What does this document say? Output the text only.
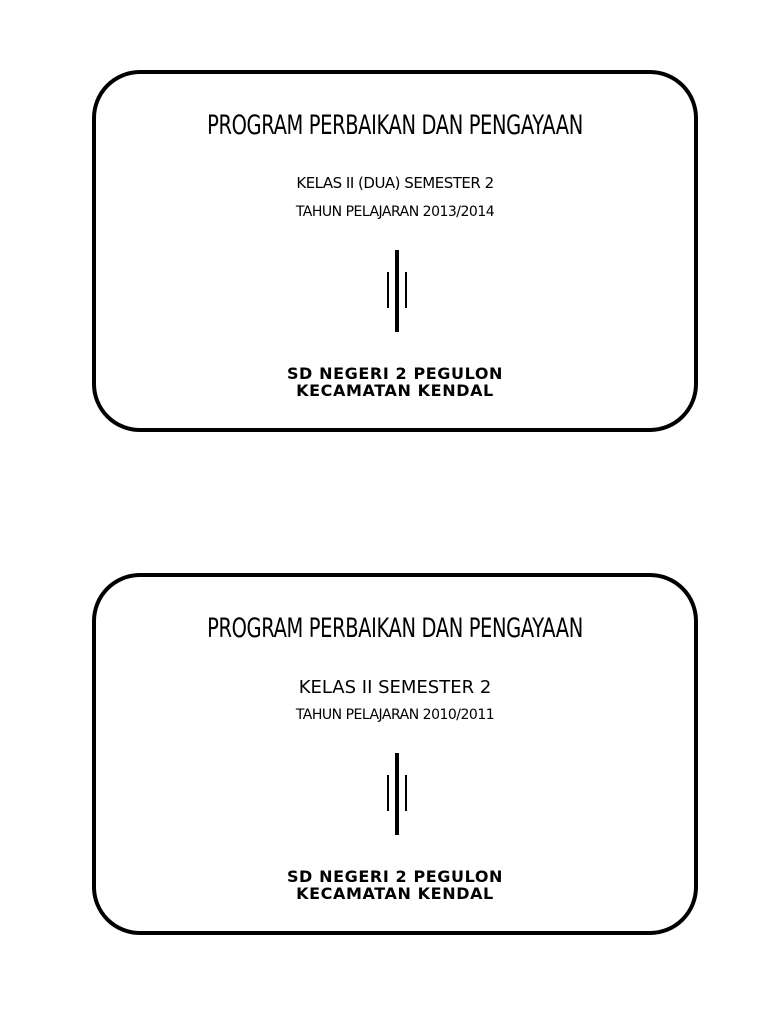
PROGRAM PERBAIKAN DAN PENGAYAAN
KELAS II (DUA) SEMESTER 2
TAHUN PELAJARAN 2013/2014
SD NEGERI 2 PEGULON
KECAMATAN KENDAL
PROGRAM PERBAIKAN DAN PENGAYAAN
KELAS II SEMESTER 2
TAHUN PELAJARAN 2010/2011
SD NEGERI 2 PEGULON
KECAMATAN KENDAL
